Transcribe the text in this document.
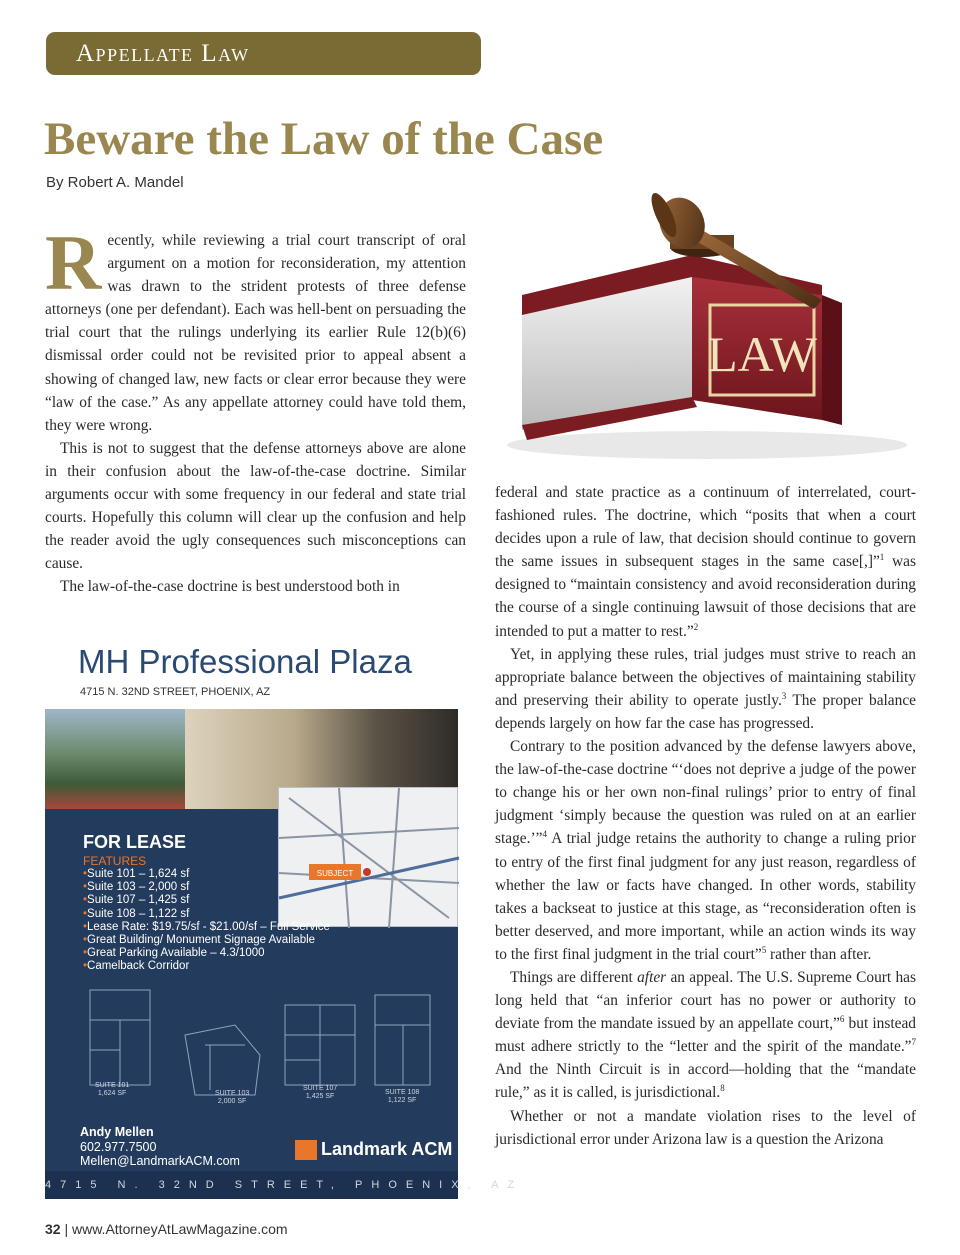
Appellate Law
Beware the Law of the Case
By Robert A. Mandel

Recently, while reviewing a trial court transcript of oral argument on a motion for reconsideration, my attention was drawn to the strident protests of three defense attorneys (one per defendant). Each was hell-bent on persuading the trial court that the rulings underlying its earlier Rule 12(b)(6) dismissal order could not be revisited prior to appeal absent a showing of changed law, new facts or clear error because they were “law of the case.” As any appellate attorney could have told them, they were wrong.

This is not to suggest that the defense attorneys above are alone in their confusion about the law-of-the-case doctrine. Similar arguments occur with some frequency in our federal and state trial courts. Hopefully this column will clear up the confusion and help the reader avoid the ugly consequences such misconceptions can cause.

The law-of-the-case doctrine is best understood both in

LAW

federal and state practice as a continuum of interrelated, court-fashioned rules. The doctrine, which “posits that when a court decides upon a rule of law, that decision should continue to govern the same issues in subsequent stages in the same case[,]”$^1$ was designed to “maintain consistency and avoid reconsideration during the course of a single continuing lawsuit of those decisions that are intended to put a matter to rest.”$^2$

Yet, in applying these rules, trial judges must strive to reach an appropriate balance between the objectives of maintaining stability and preserving their ability to operate justly.$^3$ The proper balance depends largely on how far the case has progressed.

Contrary to the position advanced by the defense lawyers above, the law-of-the-case doctrine “‘does not deprive a judge of the power to change his or her own non-final rulings’ prior to entry of final judgment ‘simply because the question was ruled on at an earlier stage.’”$^4$ A trial judge retains the authority to change a ruling prior to entry of the first final judgment for any just reason, regardless of whether the law or facts have changed. In other words, stability takes a backseat to justice at this stage, as “reconsideration often is better deserved, and more important, while an action winds its way to the first final judgment in the trial court”$^5$ rather than after.

Things are different after an appeal. The U.S. Supreme Court has long held that “an inferior court has no power or authority to deviate from the mandate issued by an appellate court,”$^6$ but instead must adhere strictly to the “letter and the spirit of the mandate.”$^7$ And the Ninth Circuit is in accord—holding that the “mandate rule,” as it is called, is jurisdictional.$^8$

Whether or not a mandate violation rises to the level of jurisdictional error under Arizona law is a question the Arizona

MH Professional Plaza
4715 N. 32ND STREET, PHOENIX, AZ
SUBJECT
FOR LEASE
FEATURES
• Suite 101 – 1,624 sf
• Suite 103 – 2,000 sf
• Suite 107 – 1,425 sf
• Suite 108 – 1,122 sf
• Lease Rate: $19.75/sf - $21.00/sf – Full Service
• Great Building/ Monument Signage Available
• Great Parking Available – 4.3/1000
• Camelback Corridor
SUITE 101
1,624 SF	SUITE 103
2,000 SF
SUITE 107
1,425 SF
SUITE 108
1,122 SF
Andy Mellen
602.977.7500
Mellen@LandmarkACM.com
Landmark ACM
4715 N. 32ND STREET, PHOENIX, AZ
32 | www.AttorneyAtLawMagazine.com
